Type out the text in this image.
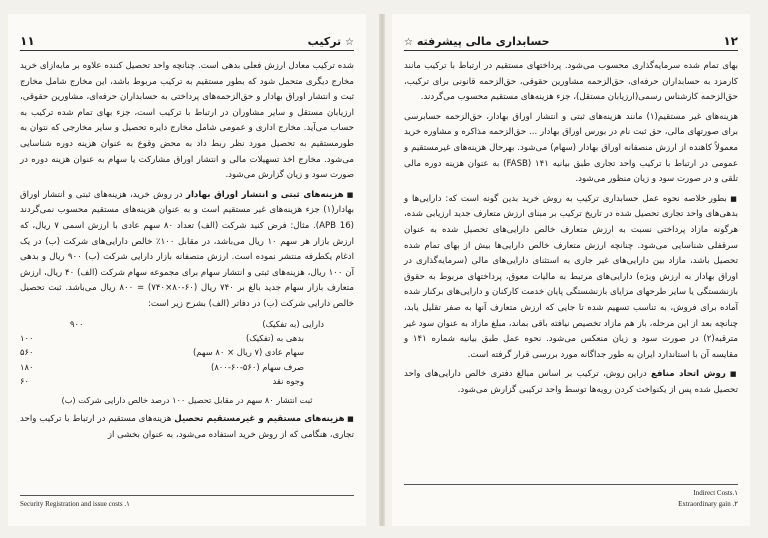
☆ ترکیب
۱۱

شده ترکیب معادل ارزش فعلی بدهی است. چنانچه واحد تحصیل کننده علاوه بر مابه‌ازای خرید مخارج دیگری متحمل شود که بطور مستقیم به ترکیب مربوط باشد، این مخارج شامل مخارج ثبت و انتشار اوراق بهادار و حق‌الزحمه‌های پرداختی به حسابداران حرفه‌ای، مشاورین حقوقی، ارزیابان مستقل و سایر مشاوران در ارتباط با ترکیب است، جزء بهای تمام شده ترکیب به حساب می‌آید. مخارج اداری و عمومی شامل مخارج دایره تحصیل و سایر مخارجی که نتوان به طورمستقیم به تحصیل مورد نظر ربط داد به محض وقوع به عنوان هزینه دوره شناسایی می‌شود. مخارج اخذ تسهیلات مالی و انتشار اوراق مشارکت یا سهام به عنوان هزینه دوره در صورت سود و زیان گزارش می‌شود.

■ هزینه‌های ثبتی و انتشار اوراق بهادار در روش خرید، هزینه‌های ثبتی و انتشار اوراق بهادار(۱) جزء هزینه‌های غیر مستقیم است و به عنوان هزینه‌های مستقیم محسوب نمی‌گردند (APB 16). مثال: فرض کنید شرکت (الف) تعداد ۸۰ سهم عادی با ارزش اسمی ۷ ریال، که ارزش بازار هر سهم ۱۰ ریال می‌باشد، در مقابل ۱۰۰٪ خالص دارایی‌های شرکت (ب) در یک ادغام یکطرفه منتشر نموده است. ارزش منصفانه بازار دارایی شرکت (ب) ۹۰۰ ریال و بدهی آن ۱۰۰ ریال، هزینه‌های ثبتی و انتشار سهام برای مجموعه سهام شرکت (الف) ۴۰ ریال، ارزش متعارف بازار سهام جدید بالغ بر ۷۴۰ ریال (۶۰-۸۰×۷۴۰) = ۸۰۰ ریال می‌باشد. ثبت تحصیل خالص دارایی شرکت (ب) در دفاتر (الف) بشرح زیر است:

دارایی (به تفکیک)
۹۰۰
بدهی به (تفکیک)
۱۰۰
سهام عادی (۷ ریال × ۸۰ سهم)
۵۶۰
صرف سهام (۵۶۰-۶۰-۸۰۰)
۱۸۰
وجوه نقد
۶۰

ثبت انتشار ۸۰ سهم در مقابل تحصیل ۱۰۰ درصد خالص دارایی شرکت (ب)

■ هزینه‌های مستقیم و غیرمستقیم تحصیل هزینه‌های مستقیم در ارتباط با ترکیب واحد تجاری، هنگامی که از روش خرید استفاده می‌شود، به عنوان بخشی از

Security Registration and issue costs .۱
۱۲
حسابداری مالی پیشرفته ☆

بهای تمام شده سرمایه‌گذاری محسوب می‌شود. پرداختهای مستقیم در ارتباط با ترکیب مانند کارمزد به حسابداران حرفه‌ای، حق‌الزحمه مشاورین حقوقی، حق‌الزحمه قانونی برای ترکیب، حق‌الزحمه کارشناس رسمی(ارزیابان مستقل)، جزء هزینه‌های مستقیم محسوب می‌گردند.

هزینه‌های غیر مستقیم(۱) مانند هزینه‌های ثبتی و انتشار اوراق بهادار، حق‌الزحمه حسابرسی برای صورتهای مالی، حق ثبت نام در بورس اوراق بهادار ... حق‌الزحمه مذاکره و مشاوره خرید معمولاً کاهنده از ارزش منصفانه اوراق بهادار (سهام) می‌شود. بهرحال هزینه‌های غیرمستقیم و عمومی در ارتباط با ترکیب واحد تجاری طبق بیانیه ۱۴۱ (FASB) به عنوان هزینه دوره مالی تلقی و در صورت سود و زیان منظور می‌شود.

■ بطور خلاصه نحوه عمل حسابداری ترکیب به روش خرید بدین گونه است که: دارایی‌ها و بدهی‌های واحد تجاری تحصیل شده در تاریخ ترکیب بر مبنای ارزش متعارف جدید ارزیابی شده، هرگونه مازاد پرداختی نسبت به ارزش متعارف خالص دارایی‌های تحصیل شده به عنوان سرقفلی شناسایی می‌شود. چنانچه ارزش متعارف خالص دارایی‌ها بیش از بهای تمام شده تحصیل باشد، مازاد بین دارایی‌های غیر جاری به استثنای دارایی‌های مالی (سرمایه‌گذاری در اوراق بهادار به ارزش ویژه) دارایی‌های مرتبط به مالیات معوق، پرداختهای مربوط به حقوق بازنشستگی یا سایر طرحهای مزایای بازنشستگی پایان خدمت کارکنان و دارایی‌های برکنار شده آماده برای فروش، به تناسب تسهیم شده تا جایی که ارزش متعارف آنها به صفر تقلیل یابد، چنانچه بعد از این مرحله، باز هم مازاد تخصیص نیافته باقی بماند، مبلغ مازاد به عنوان سود غیر مترقبه(۲) در صورت سود و زیان منعکس می‌شود. نحوه عمل طبق بیانیه شماره ۱۴۱ و مقایسه آن با استاندارد ایران به طور جداگانه مورد بررسی قرار گرفته است.

■ روش اتحاد منافع دراین روش، ترکیب بر اساس مبالغ دفتری خالص دارایی‌های واحد تحصیل شده پس از یکنواخت کردن رویه‌ها توسط واحد ترکیبی گزارش می‌شود.

Indirect Costs.۱
Extraordinary gain .۲
